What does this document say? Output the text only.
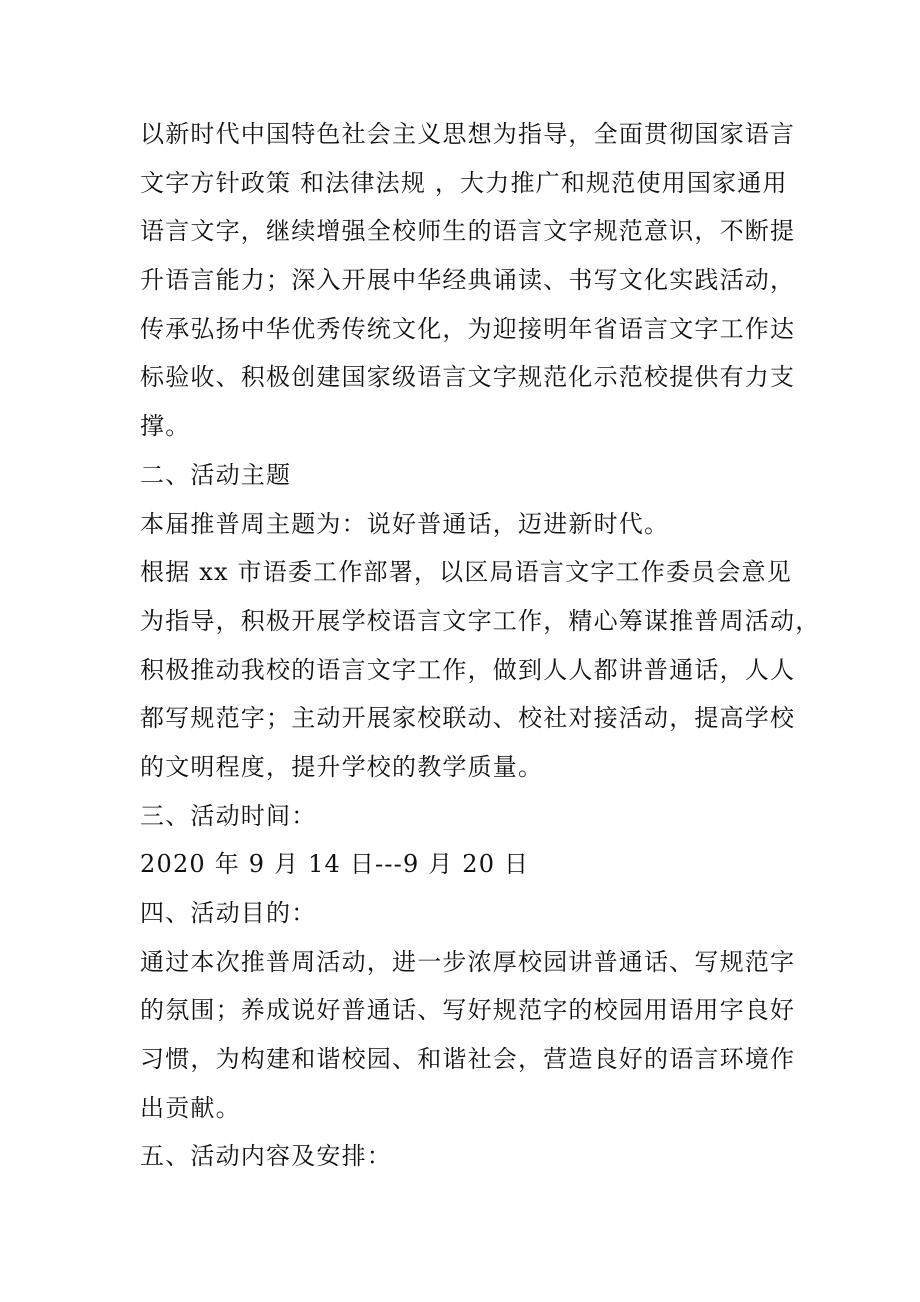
以新时代中国特色社会主义思想为指导，全面贯彻国家语言
文字方针政策 和法律法规 ，大力推广和规范使用国家通用
语言文字，继续增强全校师生的语言文字规范意识，不断提
升语言能力；深入开展中华经典诵读、书写文化实践活动，
传承弘扬中华优秀传统文化，为迎接明年省语言文字工作达
标验收、积极创建国家级语言文字规范化示范校提供有力支
撑。
二、活动主题
本届推普周主题为：说好普通话，迈进新时代。
根据 xx 市语委工作部署，以区局语言文字工作委员会意见
为指导，积极开展学校语言文字工作，精心筹谋推普周活动，
积极推动我校的语言文字工作，做到人人都讲普通话，人人
都写规范字；主动开展家校联动、校社对接活动，提高学校
的文明程度，提升学校的教学质量。
三、活动时间：
2020 年 9 月 14 日---9 月 20 日
四、活动目的：
通过本次推普周活动，进一步浓厚校园讲普通话、写规范字
的氛围；养成说好普通话、写好规范字的校园用语用字良好
习惯，为构建和谐校园、和谐社会，营造良好的语言环境作
出贡献。
五、活动内容及安排：
